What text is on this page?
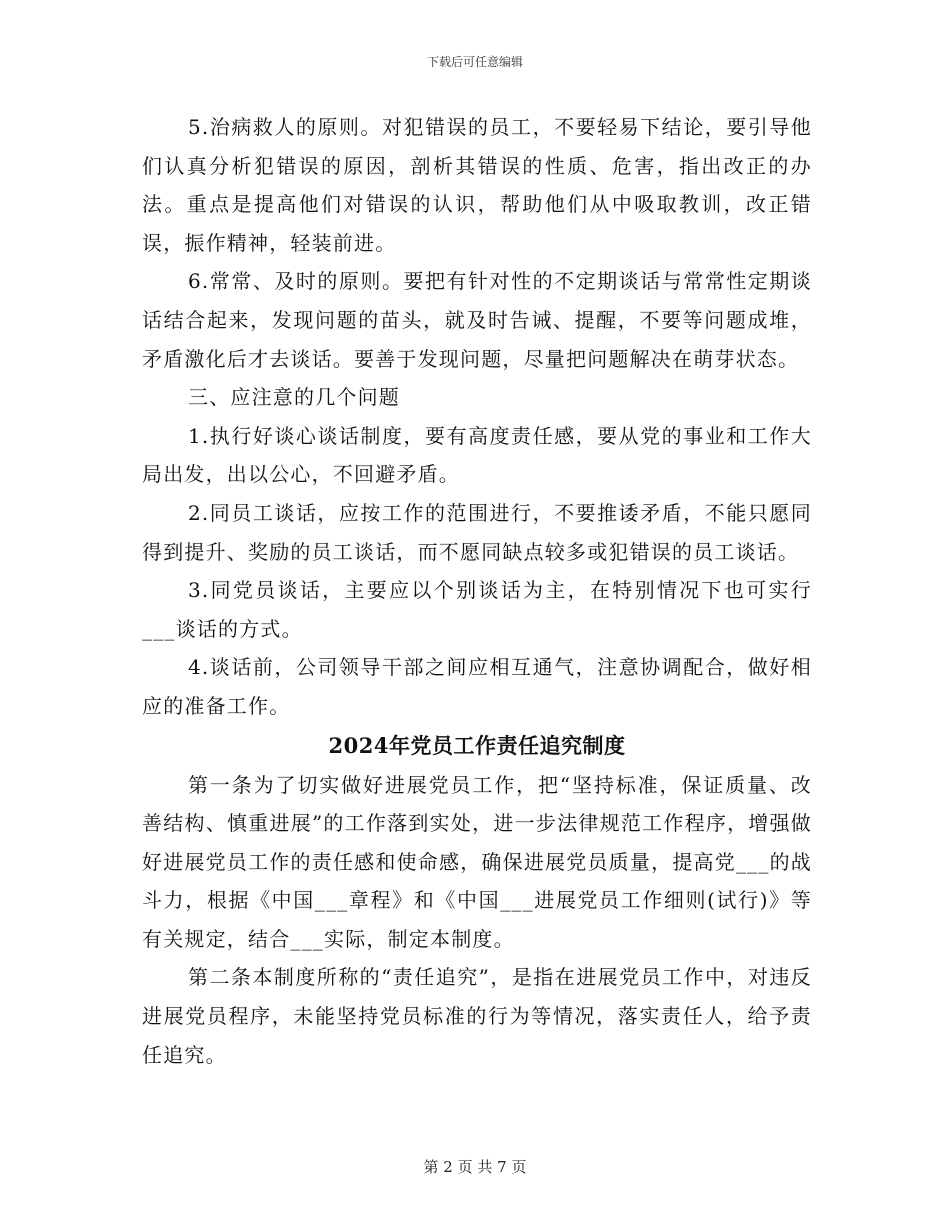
下载后可任意编辑

5.治病救人的原则。对犯错误的员工，不要轻易下结论，要引导他们认真分析犯错误的原因，剖析其错误的性质、危害，指出改正的办法。重点是提高他们对错误的认识，帮助他们从中吸取教训，改正错误，振作精神，轻装前进。

6.常常、及时的原则。要把有针对性的不定期谈话与常常性定期谈话结合起来，发现问题的苗头，就及时告诫、提醒，不要等问题成堆，矛盾激化后才去谈话。要善于发现问题，尽量把问题解决在萌芽状态。

三、应注意的几个问题

1.执行好谈心谈话制度，要有高度责任感，要从党的事业和工作大局出发，出以公心，不回避矛盾。

2.同员工谈话，应按工作的范围进行，不要推诿矛盾，不能只愿同得到提升、奖励的员工谈话，而不愿同缺点较多或犯错误的员工谈话。

3.同党员谈话，主要应以个别谈话为主，在特别情况下也可实行___谈话的方式。

4.谈话前，公司领导干部之间应相互通气，注意协调配合，做好相应的准备工作。

2024年党员工作责任追究制度

第一条为了切实做好进展党员工作，把“坚持标准，保证质量、改善结构、慎重进展”的工作落到实处，进一步法律规范工作程序，增强做好进展党员工作的责任感和使命感，确保进展党员质量，提高党___的战斗力，根据《中国___章程》和《中国___进展党员工作细则(试行)》等有关规定，结合___实际，制定本制度。

第二条本制度所称的“责任追究”，是指在进展党员工作中，对违反进展党员程序，未能坚持党员标准的行为等情况，落实责任人，给予责任追究。

第 2 页 共 7 页
